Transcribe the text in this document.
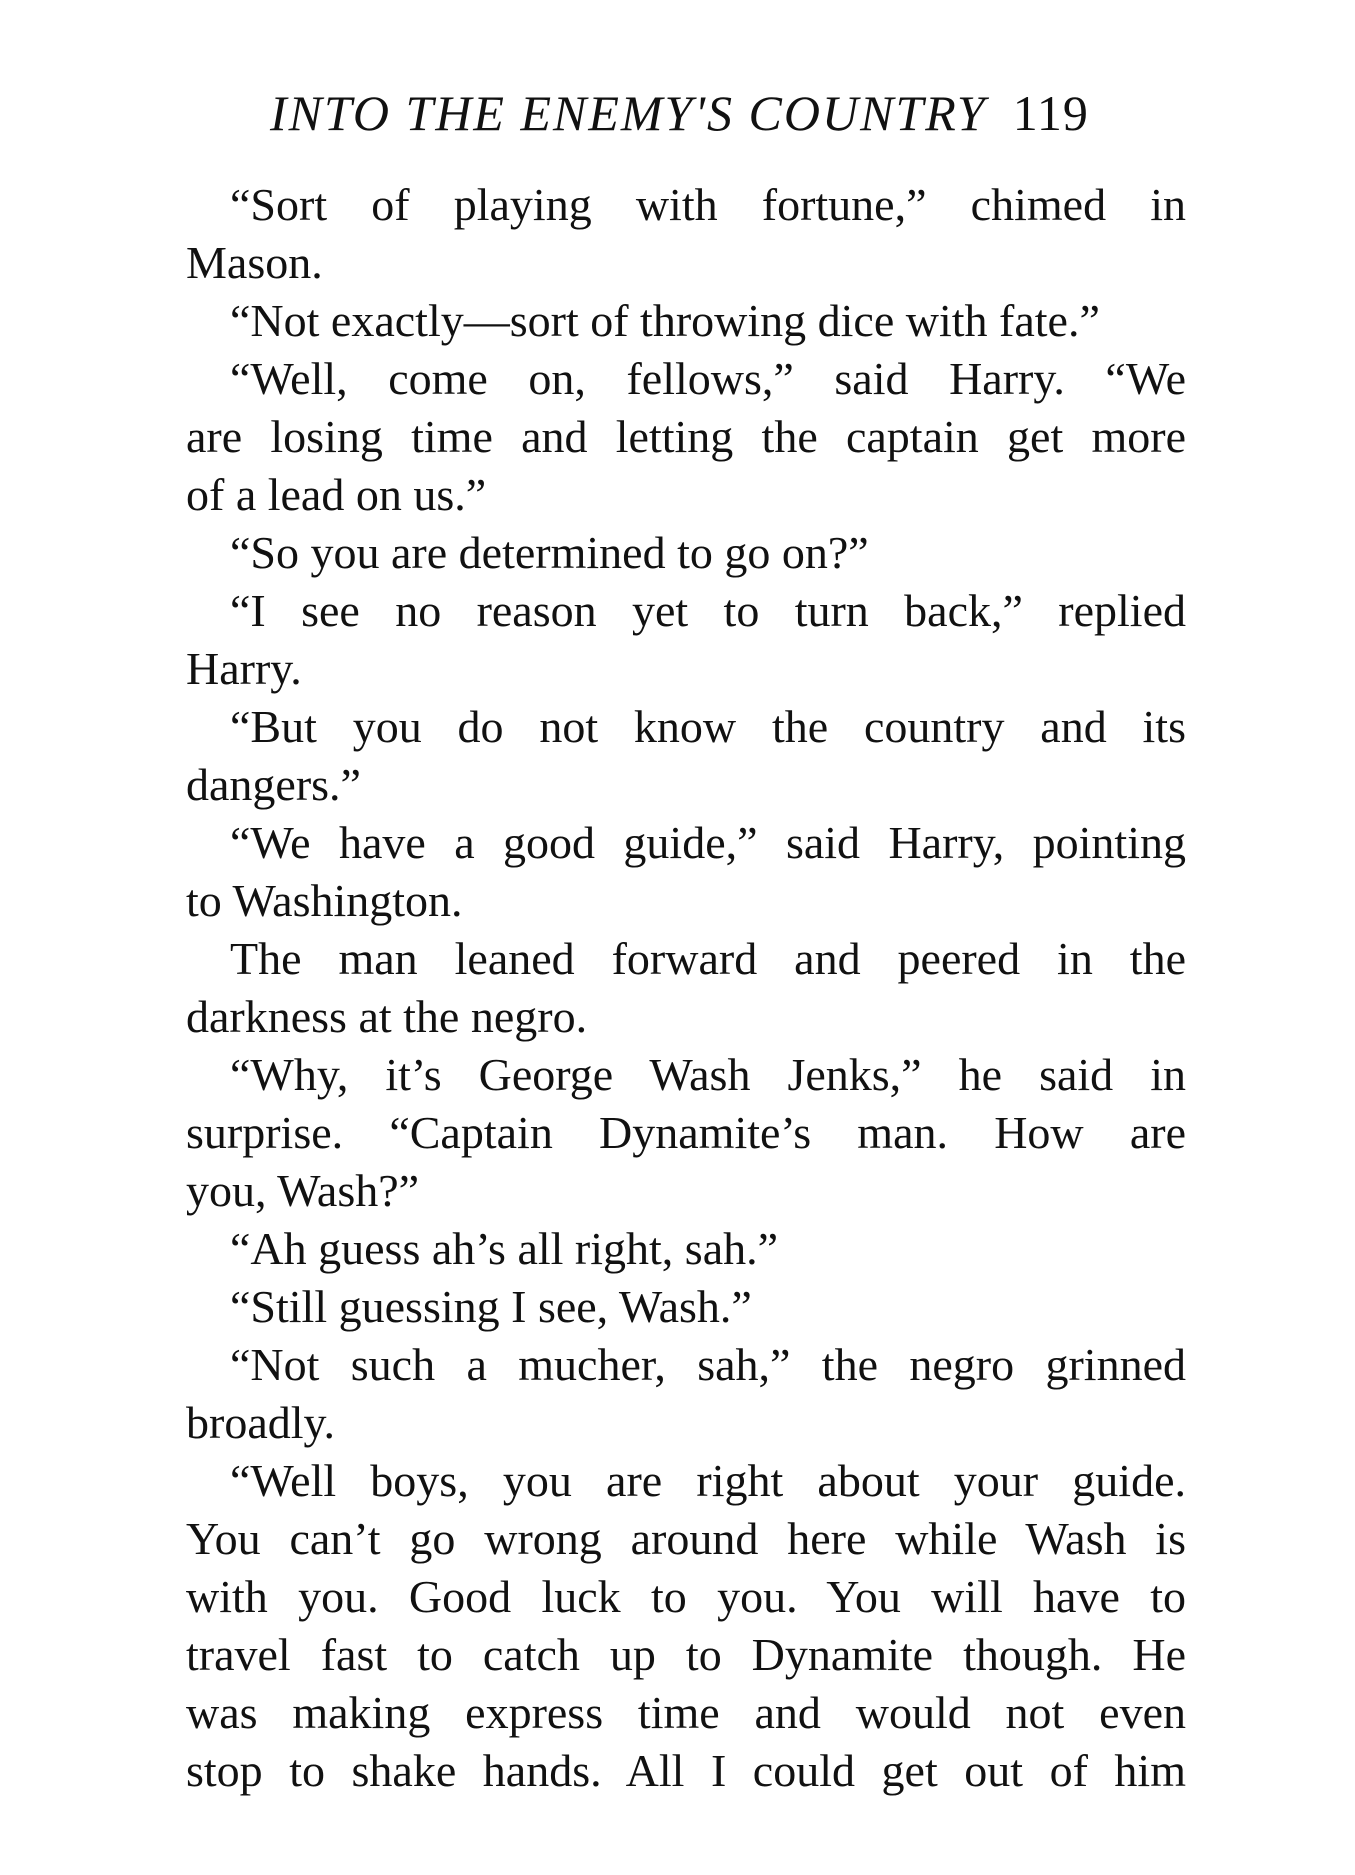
INTO THE ENEMY'S COUNTRY 119
“Sort of playing with fortune,” chimed in
Mason.
“Not exactly—sort of throwing dice with fate.”
“Well, come on, fellows,” said Harry. “We
are losing time and letting the captain get more
of a lead on us.”
“So you are determined to go on?”
“I see no reason yet to turn back,” replied
Harry.
“But you do not know the country and its
dangers.”
“We have a good guide,” said Harry, pointing
to Washington.
The man leaned forward and peered in the
darkness at the negro.
“Why, it’s George Wash Jenks,” he said in
surprise. “Captain Dynamite’s man. How are
you, Wash?”
“Ah guess ah’s all right, sah.”
“Still guessing I see, Wash.”
“Not such a mucher, sah,” the negro grinned
broadly.
“Well boys, you are right about your guide.
You can’t go wrong around here while Wash is
with you. Good luck to you. You will have to
travel fast to catch up to Dynamite though. He
was making express time and would not even
stop to shake hands. All I could get out of him
